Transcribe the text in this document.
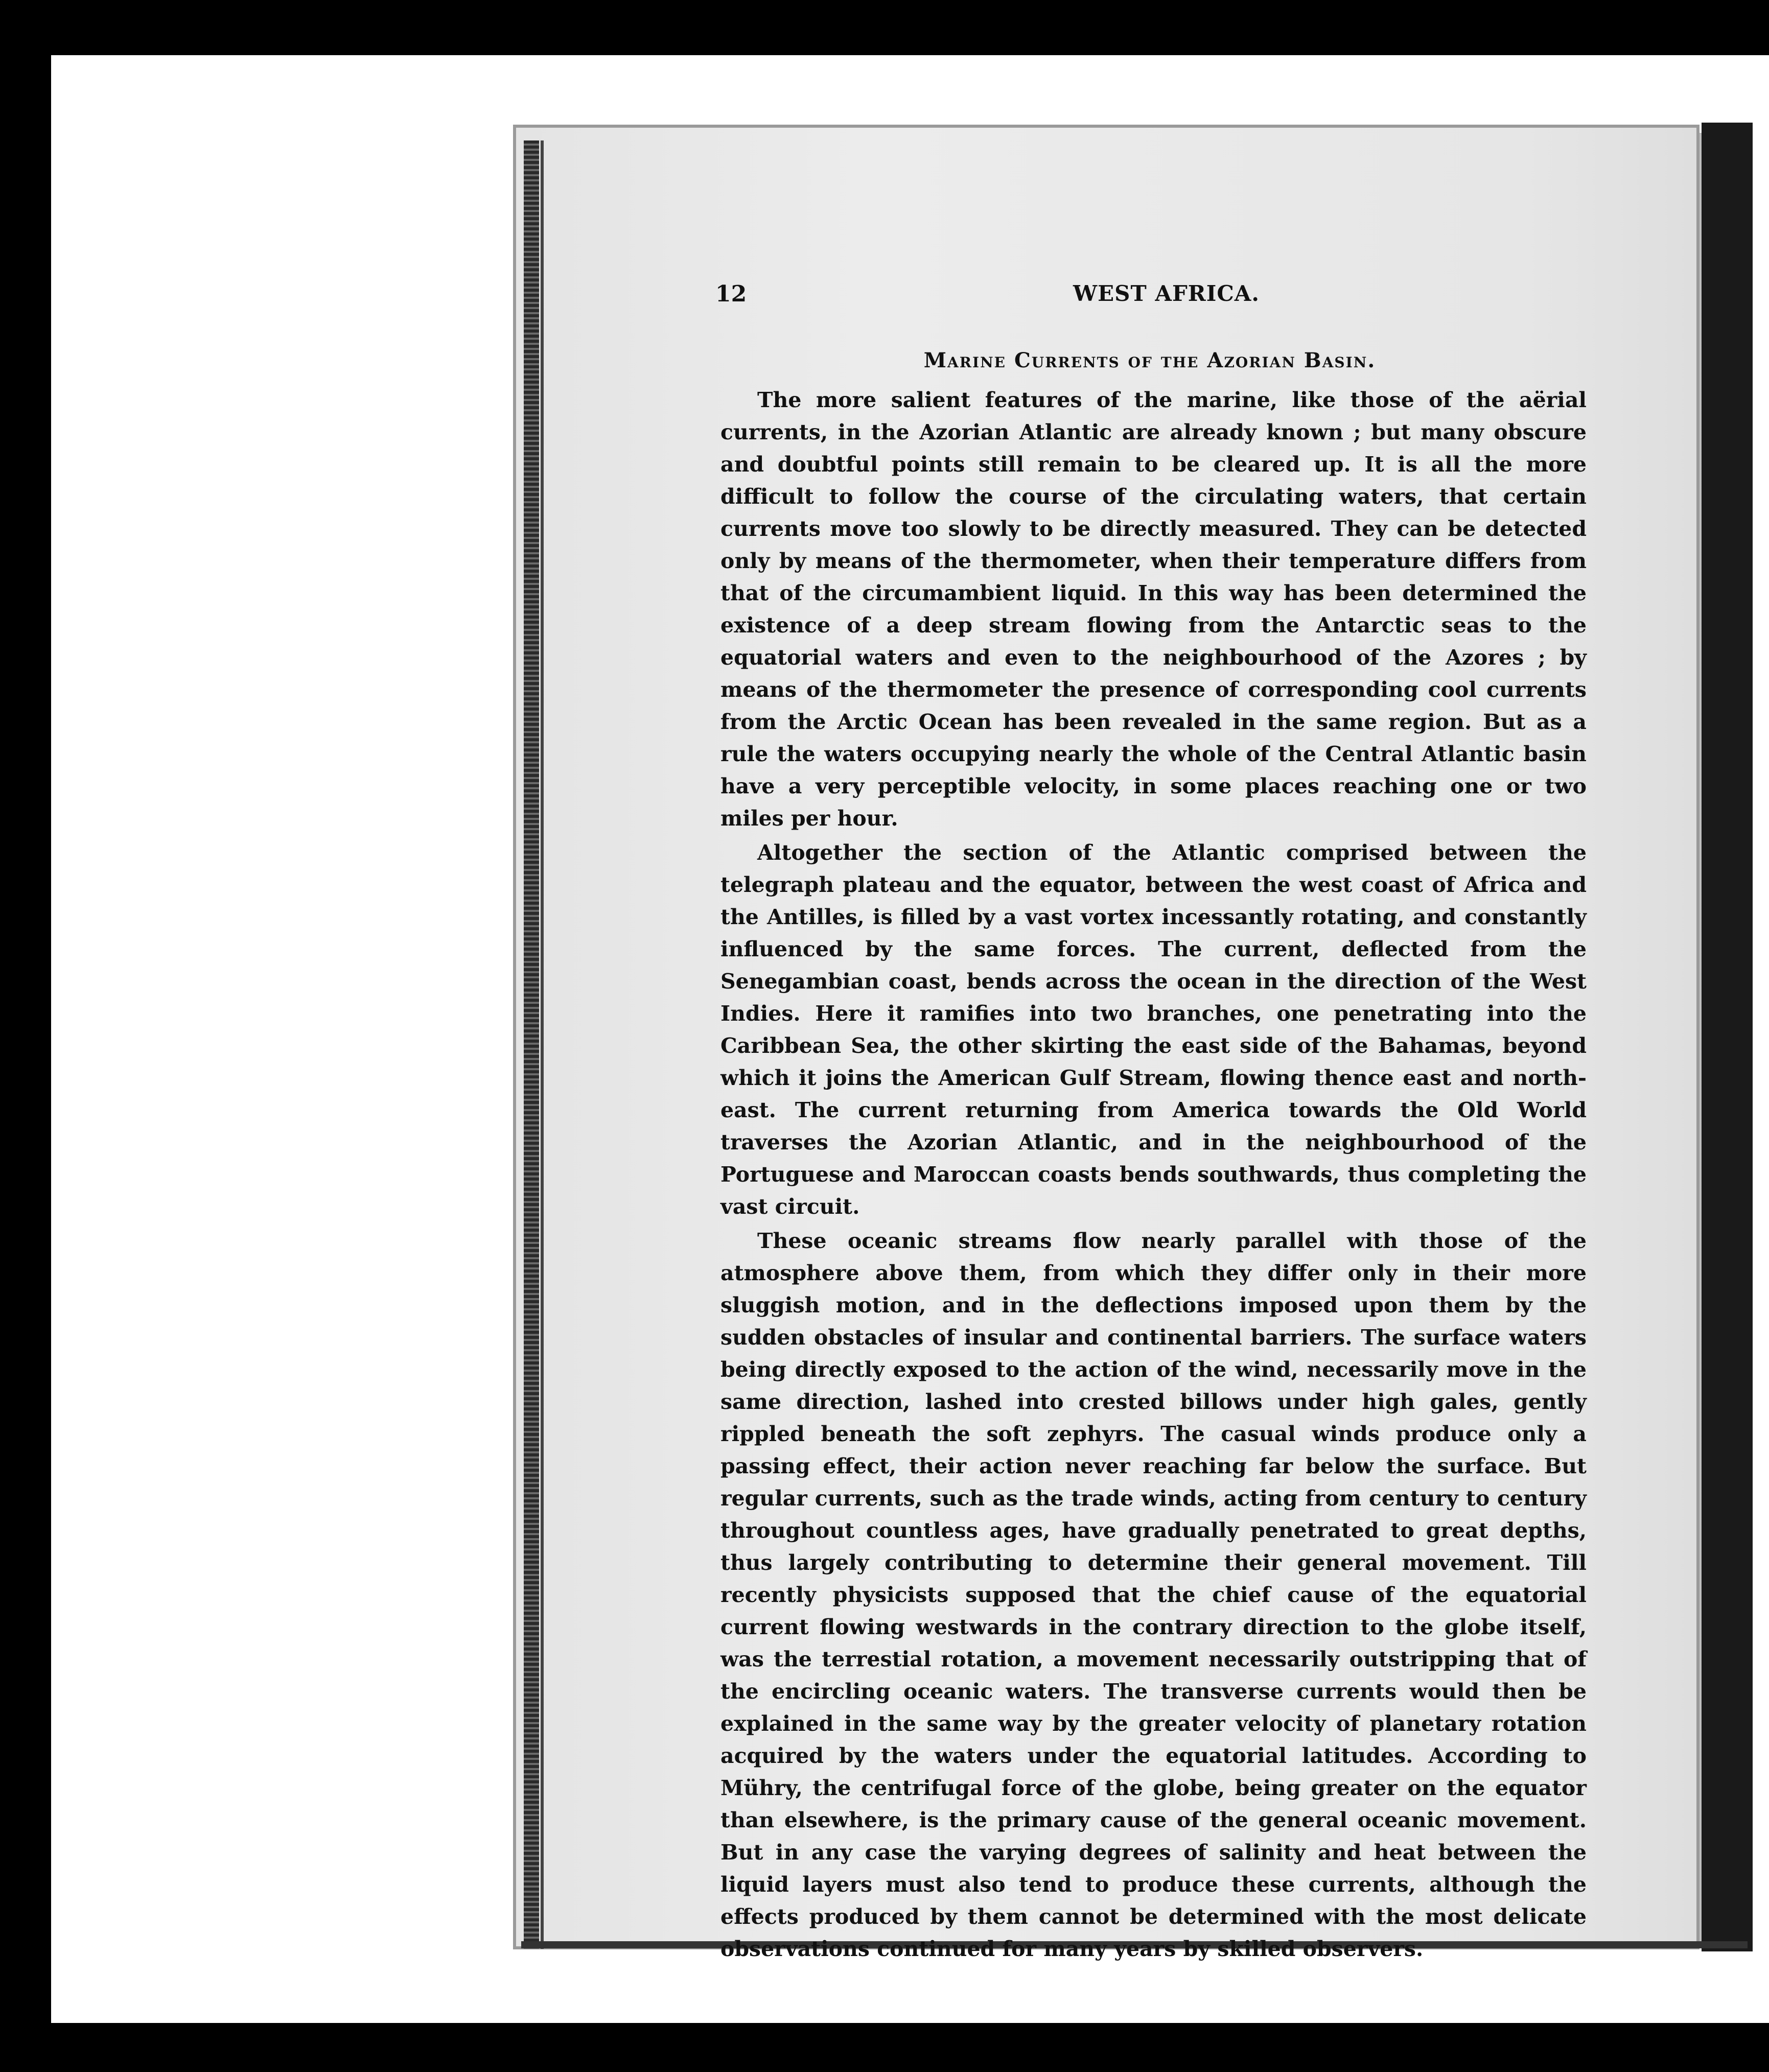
12	WEST AFRICA.
Marine Currents of the Azorian Basin.

The more salient features of the marine, like those of the aërial currents, in the Azorian Atlantic are already known ; but many obscure and doubtful points still remain to be cleared up. It is all the more difficult to follow the course of the circulating waters, that certain currents move too slowly to be directly measured. They can be detected only by means of the thermometer, when their temperature differs from that of the circumambient liquid. In this way has been determined the existence of a deep stream flowing from the Antarctic seas to the equatorial waters and even to the neighbourhood of the Azores ; by means of the thermometer the presence of corresponding cool currents from the Arctic Ocean has been revealed in the same region. But as a rule the waters occupying nearly the whole of the Central Atlantic basin have a very perceptible velocity, in some places reaching one or two miles per hour.

Altogether the section of the Atlantic comprised between the telegraph plateau and the equator, between the west coast of Africa and the Antilles, is filled by a vast vortex incessantly rotating, and constantly influenced by the same forces. The current, deflected from the Senegambian coast, bends across the ocean in the direction of the West Indies. Here it ramifies into two branches, one penetrating into the Caribbean Sea, the other skirting the east side of the Bahamas, beyond which it joins the American Gulf Stream, flowing thence east and north-east. The current returning from America towards the Old World traverses the Azorian Atlantic, and in the neighbourhood of the Portuguese and Maroccan coasts bends southwards, thus completing the vast circuit.

These oceanic streams flow nearly parallel with those of the atmosphere above them, from which they differ only in their more sluggish motion, and in the deflections imposed upon them by the sudden obstacles of insular and continental barriers. The surface waters being directly exposed to the action of the wind, necessarily move in the same direction, lashed into crested billows under high gales, gently rippled beneath the soft zephyrs. The casual winds produce only a passing effect, their action never reaching far below the surface. But regular currents, such as the trade winds, acting from century to century throughout countless ages, have gradually penetrated to great depths, thus largely contributing to determine their general movement. Till recently physicists supposed that the chief cause of the equatorial current flowing westwards in the contrary direction to the globe itself, was the terrestial rotation, a movement necessarily outstripping that of the encircling oceanic waters. The transverse currents would then be explained in the same way by the greater velocity of planetary rotation acquired by the waters under the equatorial latitudes. According to Mühry, the centrifugal force of the globe, being greater on the equator than elsewhere, is the primary cause of the general oceanic movement. But in any case the varying degrees of salinity and heat between the liquid layers must also tend to produce these currents, although the effects produced by them cannot be determined with the most delicate observations continued for many years by skilled observers.
